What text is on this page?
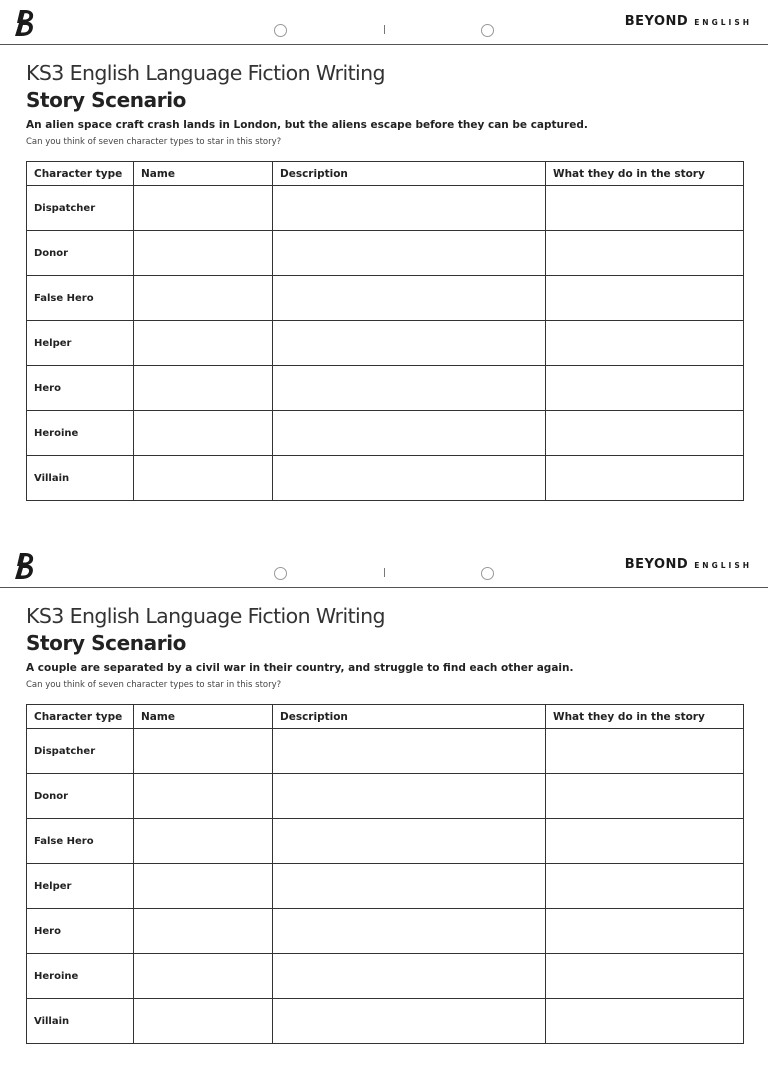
BEYOND ENGLISH
KS3 English Language Fiction Writing
Story Scenario
An alien space craft crash lands in London, but the aliens escape before they can be captured.
Can you think of seven character types to star in this story?
Character type	Name	Description	What they do in the story
Dispatcher			
Donor			
False Hero			
Helper			
Hero			
Heroine			
Villain			
BEYOND ENGLISH
KS3 English Language Fiction Writing
Story Scenario
A couple are separated by a civil war in their country, and struggle to find each other again.
Can you think of seven character types to star in this story?
Character type	Name	Description	What they do in the story
Dispatcher			
Donor			
False Hero			
Helper			
Hero			
Heroine			
Villain			
